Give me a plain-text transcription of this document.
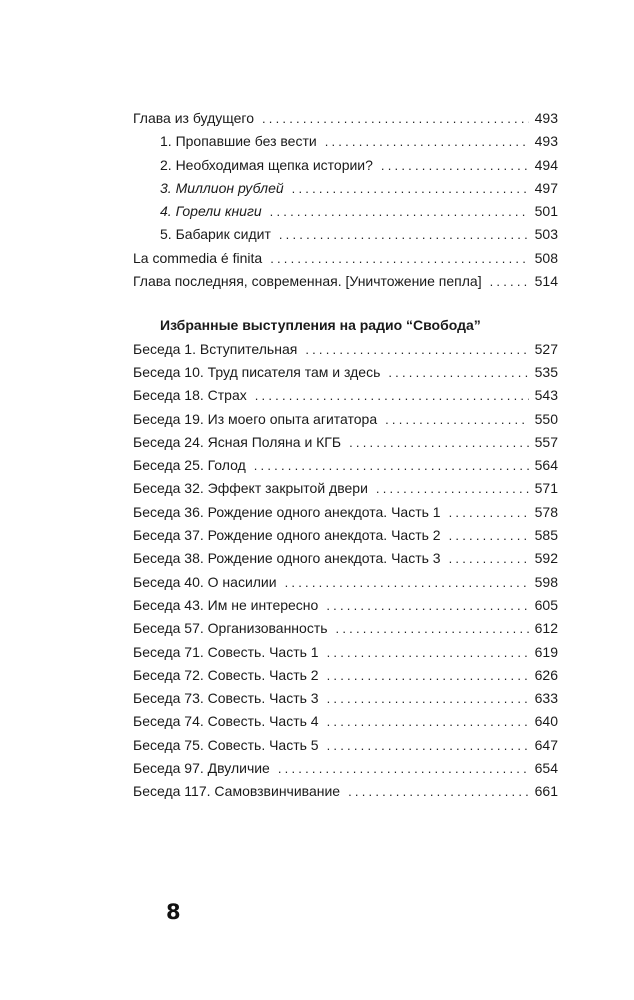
Глава из будущего .....	493
1. Пропавшие без вести .....	493
2. Необходимая щепка истории? .....	494
3. Миллион рублей .....	497
4. Горели книги .....	501
5. Бабарик сидит .....	503
La commedia é finita .....	508
Глава последняя, современная. [Уничтожение пепла] .....	514
Избранные выступления на радио “Свобода”
Беседа 1. Вступительная .....	527
Беседа 10. Труд писателя там и здесь .....	535
Беседа 18. Страх .....	543
Беседа 19. Из моего опыта агитатора .....	550
Беседа 24. Ясная Поляна и КГБ .....	557
Беседа 25. Голод .....	564
Беседа 32. Эффект закрытой двери .....	571
Беседа 36. Рождение одного анекдота. Часть 1 .....	578
Беседа 37. Рождение одного анекдота. Часть 2 .....	585
Беседа 38. Рождение одного анекдота. Часть 3 .....	592
Беседа 40. О насилии .....	598
Беседа 43. Им не интересно .....	605
Беседа 57. Организованность .....	612
Беседа 71. Совесть. Часть 1 .....	619
Беседа 72. Совесть. Часть 2 .....	626
Беседа 73. Совесть. Часть 3 .....	633
Беседа 74. Совесть. Часть 4 .....	640
Беседа 75. Совесть. Часть 5 .....	647
Беседа 97. Двуличие .....	654
Беседа 117. Самовзвинчивание .....	661
8
